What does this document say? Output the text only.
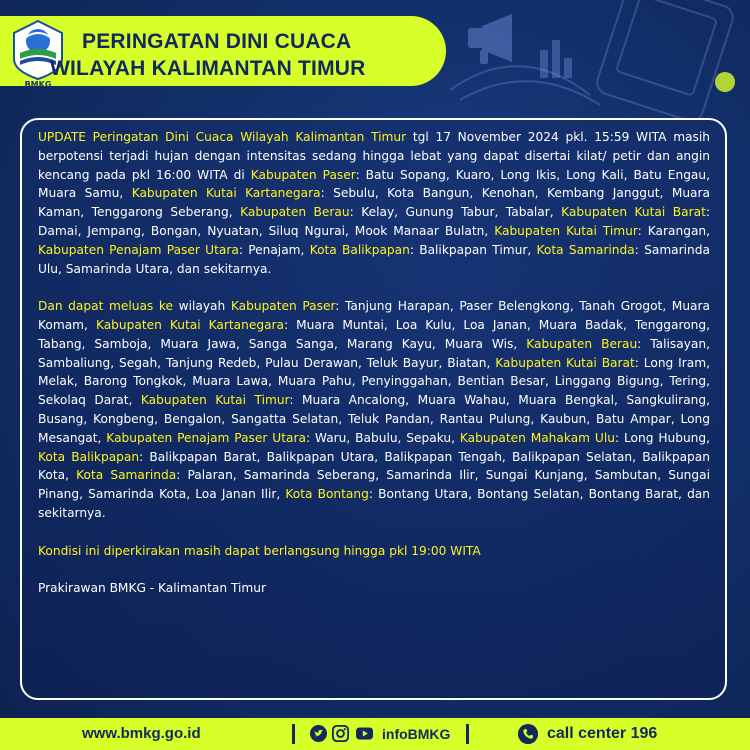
BMKG
PERINGATAN DINI CUACA
WILAYAH KALIMANTAN TIMUR

UPDATE Peringatan Dini Cuaca Wilayah Kalimantan Timur tgl 17 November 2024 pkl. 15:59 WITA masih berpotensi terjadi hujan dengan intensitas sedang hingga lebat yang dapat disertai kilat/ petir dan angin kencang pada pkl 16:00 WITA di Kabupaten Paser: Batu Sopang, Kuaro, Long Ikis, Long Kali, Batu Engau, Muara Samu, Kabupaten Kutai Kartanegara: Sebulu, Kota Bangun, Kenohan, Kembang Janggut, Muara Kaman, Tenggarong Seberang, Kabupaten Berau: Kelay, Gunung Tabur, Tabalar, Kabupaten Kutai Barat: Damai, Jempang, Bongan, Nyuatan, Siluq Ngurai, Mook Manaar Bulatn, Kabupaten Kutai Timur: Karangan, Kabupaten Penajam Paser Utara: Penajam, Kota Balikpapan: Balikpapan Timur, Kota Samarinda: Samarinda Ulu, Samarinda Utara, dan sekitarnya.

Dan dapat meluas ke wilayah Kabupaten Paser: Tanjung Harapan, Paser Belengkong, Tanah Grogot, Muara Komam, Kabupaten Kutai Kartanegara: Muara Muntai, Loa Kulu, Loa Janan, Muara Badak, Tenggarong, Tabang, Samboja, Muara Jawa, Sanga Sanga, Marang Kayu, Muara Wis, Kabupaten Berau: Talisayan, Sambaliung, Segah, Tanjung Redeb, Pulau Derawan, Teluk Bayur, Biatan, Kabupaten Kutai Barat: Long Iram, Melak, Barong Tongkok, Muara Lawa, Muara Pahu, Penyinggahan, Bentian Besar, Linggang Bigung, Tering, Sekolaq Darat, Kabupaten Kutai Timur: Muara Ancalong, Muara Wahau, Muara Bengkal, Sangkulirang, Busang, Kongbeng, Bengalon, Sangatta Selatan, Teluk Pandan, Rantau Pulung, Kaubun, Batu Ampar, Long Mesangat, Kabupaten Penajam Paser Utara: Waru, Babulu, Sepaku, Kabupaten Mahakam Ulu: Long Hubung, Kota Balikpapan: Balikpapan Barat, Balikpapan Utara, Balikpapan Tengah, Balikpapan Selatan, Balikpapan Kota, Kota Samarinda: Palaran, Samarinda Seberang, Samarinda Ilir, Sungai Kunjang, Sambutan, Sungai Pinang, Samarinda Kota, Loa Janan Ilir, Kota Bontang: Bontang Utara, Bontang Selatan, Bontang Barat, dan sekitarnya.

Kondisi ini diperkirakan masih dapat berlangsung hingga pkl 19:00 WITA

Prakirawan BMKG - Kalimantan Timur

www.bmkg.go.id	infoBMKG	call center 196
